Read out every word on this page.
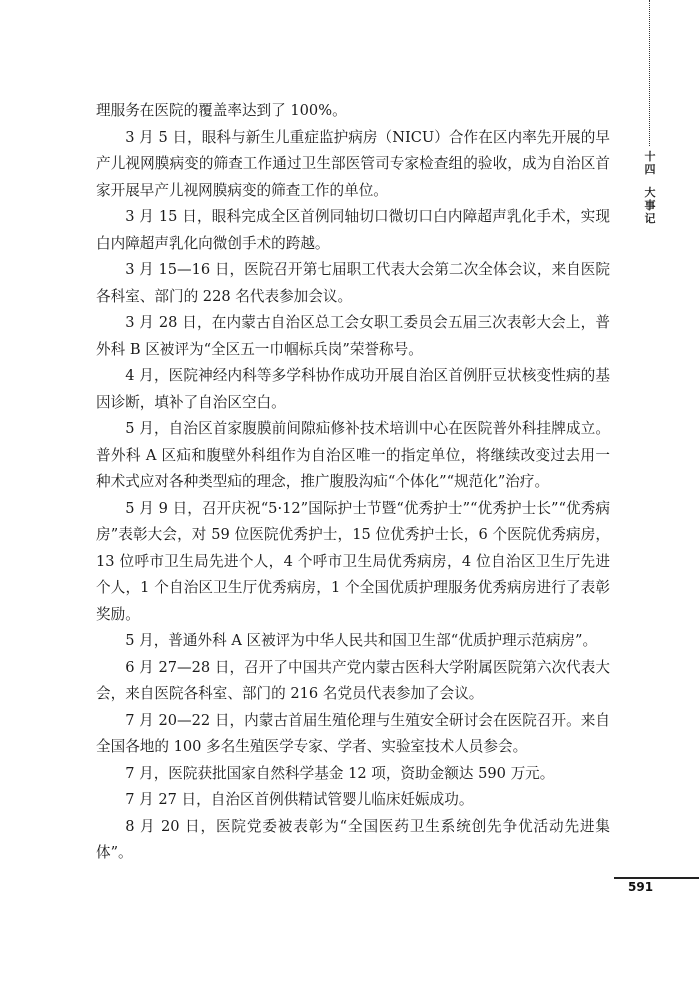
十四
大事记

理服务在医院的覆盖率达到了 100%。

3 月 5 日，眼科与新生儿重症监护病房（NICU）合作在区内率先开展的早产儿视网膜病变的筛查工作通过卫生部医管司专家检查组的验收，成为自治区首家开展早产儿视网膜病变的筛查工作的单位。

3 月 15 日，眼科完成全区首例同轴切口微切口白内障超声乳化手术，实现白内障超声乳化向微创手术的跨越。

3 月 15—16 日，医院召开第七届职工代表大会第二次全体会议，来自医院各科室、部门的 228 名代表参加会议。

3 月 28 日，在内蒙古自治区总工会女职工委员会五届三次表彰大会上，普外科 B 区被评为“全区五一巾帼标兵岗”荣誉称号。

4 月，医院神经内科等多学科协作成功开展自治区首例肝豆状核变性病的基因诊断，填补了自治区空白。

5 月，自治区首家腹膜前间隙疝修补技术培训中心在医院普外科挂牌成立。普外科 A 区疝和腹壁外科组作为自治区唯一的指定单位，将继续改变过去用一种术式应对各种类型疝的理念，推广腹股沟疝“个体化”“规范化”治疗。

5 月 9 日，召开庆祝“5·12”国际护士节暨“优秀护士”“优秀护士长”“优秀病房”表彰大会，对 59 位医院优秀护士，15 位优秀护士长，6 个医院优秀病房，13 位呼市卫生局先进个人，4 个呼市卫生局优秀病房，4 位自治区卫生厅先进个人，1 个自治区卫生厅优秀病房，1 个全国优质护理服务优秀病房进行了表彰奖励。

5 月，普通外科 A 区被评为中华人民共和国卫生部“优质护理示范病房”。

6 月 27—28 日，召开了中国共产党内蒙古医科大学附属医院第六次代表大会，来自医院各科室、部门的 216 名党员代表参加了会议。

7 月 20—22 日，内蒙古首届生殖伦理与生殖安全研讨会在医院召开。来自全国各地的 100 多名生殖医学专家、学者、实验室技术人员参会。

7 月，医院获批国家自然科学基金 12 项，资助金额达 590 万元。

7 月 27 日，自治区首例供精试管婴儿临床妊娠成功。

8 月 20 日，医院党委被表彰为“全国医药卫生系统创先争优活动先进集体”。

591
